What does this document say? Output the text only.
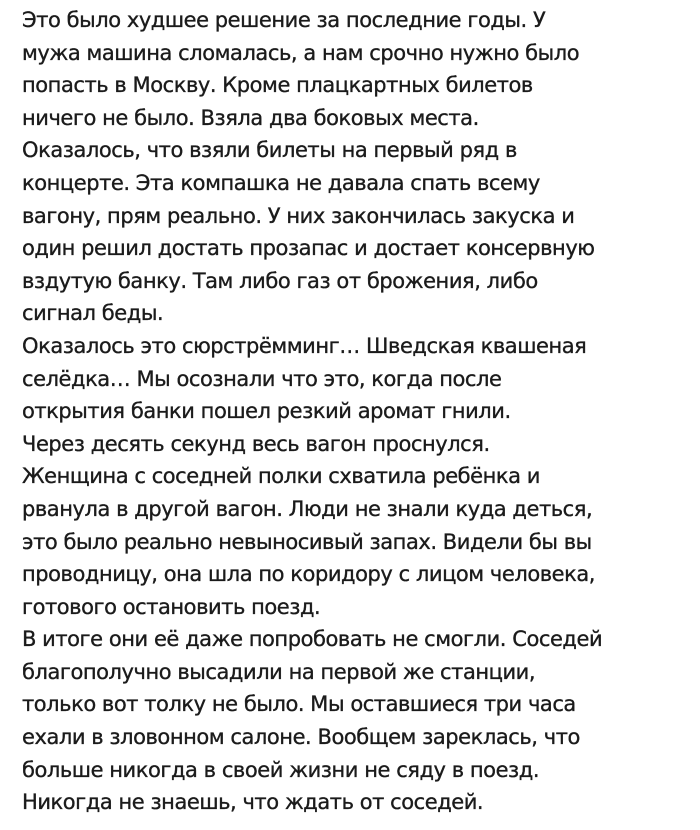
Это было худшее решение за последние годы. У
мужа машина сломалась, а нам срочно нужно было
попасть в Москву. Кроме плацкартных билетов
ничего не было. Взяла два боковых места.
Оказалось, что взяли билеты на первый ряд в
концерте. Эта компашка не давала спать всему
вагону, прям реально. У них закончилась закуска и
один решил достать прозапас и достает консервную
вздутую банку. Там либо газ от брожения, либо
сигнал беды.
Оказалось это сюрстрёмминг… Шведская квашеная
селёдка… Мы осознали что это, когда после
открытия банки пошел резкий аромат гнили.
Через десять секунд весь вагон проснулся.
Женщина с соседней полки схватила ребёнка и
рванула в другой вагон. Люди не знали куда деться,
это было реально невыносивый запах. Видели бы вы
проводницу, она шла по коридору с лицом человека,
готового остановить поезд.
В итоге они её даже попробовать не смогли. Соседей
благополучно высадили на первой же станции,
только вот толку не было. Мы оставшиеся три часа
ехали в зловонном салоне. Вообщем зареклась, что
больше никогда в своей жизни не сяду в поезд.
Никогда не знаешь, что ждать от соседей.
